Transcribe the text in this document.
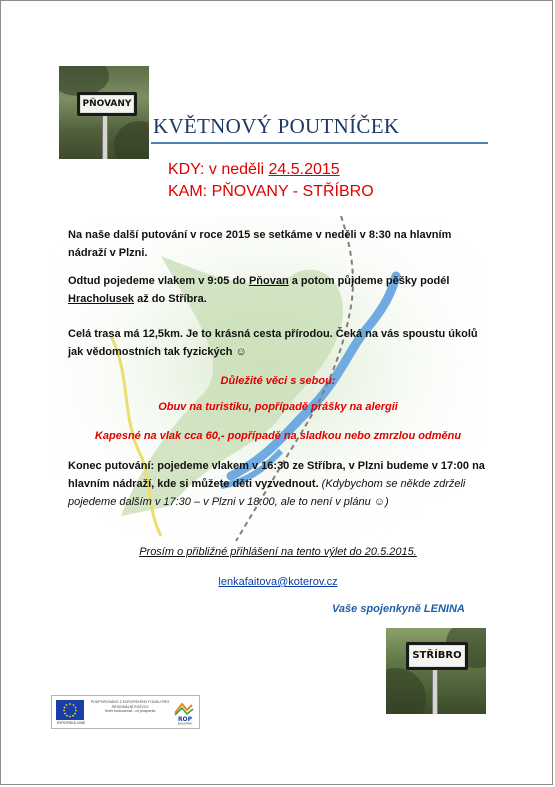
PŇOVANY
KVĚTNOVÝ POUTNÍČEK
KDY: v neděli 24.5.2015
KAM: PŇOVANY - STŘÍBRO
Na naše další putování v roce 2015 se setkáme v neděli v 8:30 na hlavním nádraží v Plzni.
Odtud pojedeme vlakem v 9:05 do Pňovan a potom půjdeme pěšky podél Hracholusek až do Stříbra.
Celá trasa má 12,5km. Je to krásná cesta přírodou. Čeká na vás spoustu úkolů jak vědomostních tak fyzických ☺
Důležité věci s sebou:
Obuv na turistiku, popřípadě prášky na alergii
Kapesné na vlak cca 60,- popřípadě na sladkou nebo zmrzlou odměnu
Konec putování: pojedeme vlakem v 16:30 ze Stříbra, v Plzni budeme v 17:00 na hlavním nádraží, kde si můžete děti vyzvednout. (Kdybychom se někde zdrželi pojedeme dalším v 17:30 – v Plzni v 18:00, ale to není v plánu ☺)
Prosím o přibližné přihlášení na tento výlet do 20.5.2015.
lenkafaitova@koterov.cz
Vaše spojenkyně LENINA
STŘÍBRO
EVROPSKÁ UNIE
PODPOROVÁNO Z EVROPSKÉHO FONDU PRO REGIONÁLNÍ ROZVOJ
Směr budoucnost - cíl prosperita
ROP
JIHOZÁPAD
